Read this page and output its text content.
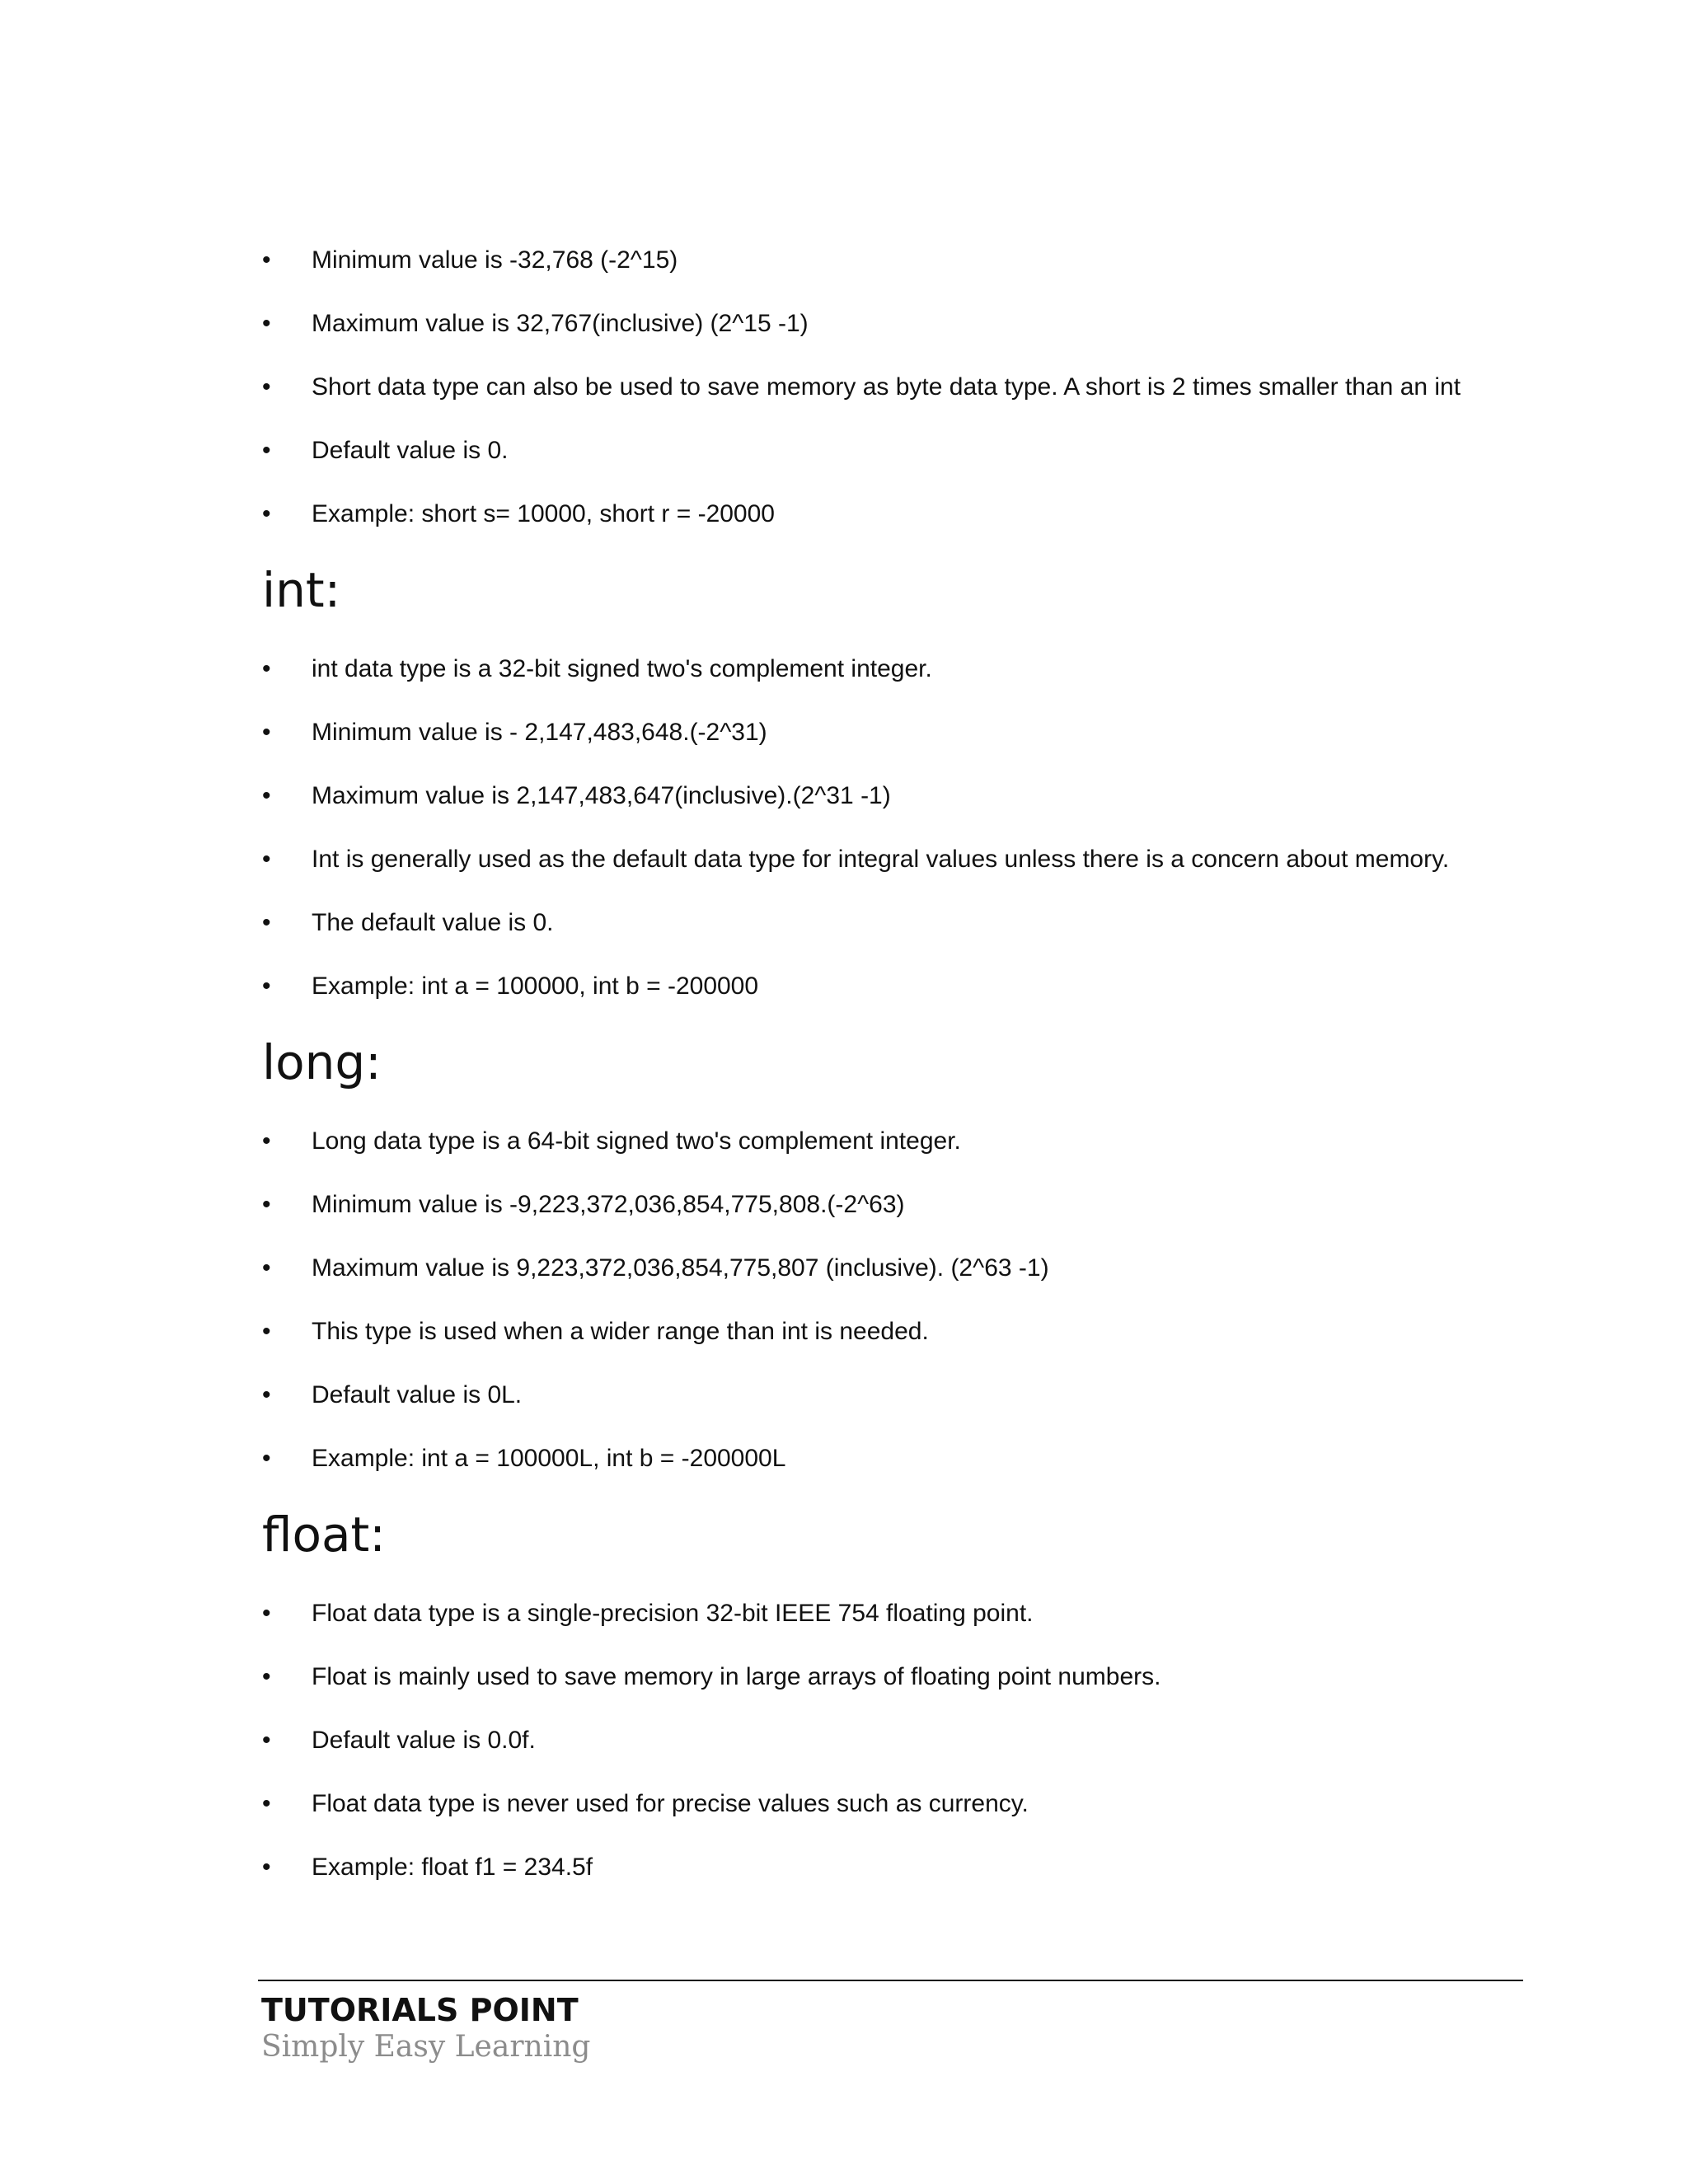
•	Minimum value is -32,768 (-2^15)
•	Maximum value is 32,767(inclusive) (2^15 -1)
•	Short data type can also be used to save memory as byte data type. A short is 2 times smaller than an int
•	Default value is 0.
•	Example: short s= 10000, short r = -20000
int:
•	int data type is a 32-bit signed two's complement integer.
•	Minimum value is - 2,147,483,648.(-2^31)
•	Maximum value is 2,147,483,647(inclusive).(2^31 -1)
•	Int is generally used as the default data type for integral values unless there is a concern about memory.
•	The default value is 0.
•	Example: int a = 100000, int b = -200000
long:
•	Long data type is a 64-bit signed two's complement integer.
•	Minimum value is -9,223,372,036,854,775,808.(-2^63)
•	Maximum value is 9,223,372,036,854,775,807 (inclusive). (2^63 -1)
•	This type is used when a wider range than int is needed.
•	Default value is 0L.
•	Example: int a = 100000L, int b = -200000L
float:
•	Float data type is a single-precision 32-bit IEEE 754 floating point.
•	Float is mainly used to save memory in large arrays of floating point numbers.
•	Default value is 0.0f.
•	Float data type is never used for precise values such as currency.
•	Example: float f1 = 234.5f
TUTORIALS POINT
Simply Easy Learning
